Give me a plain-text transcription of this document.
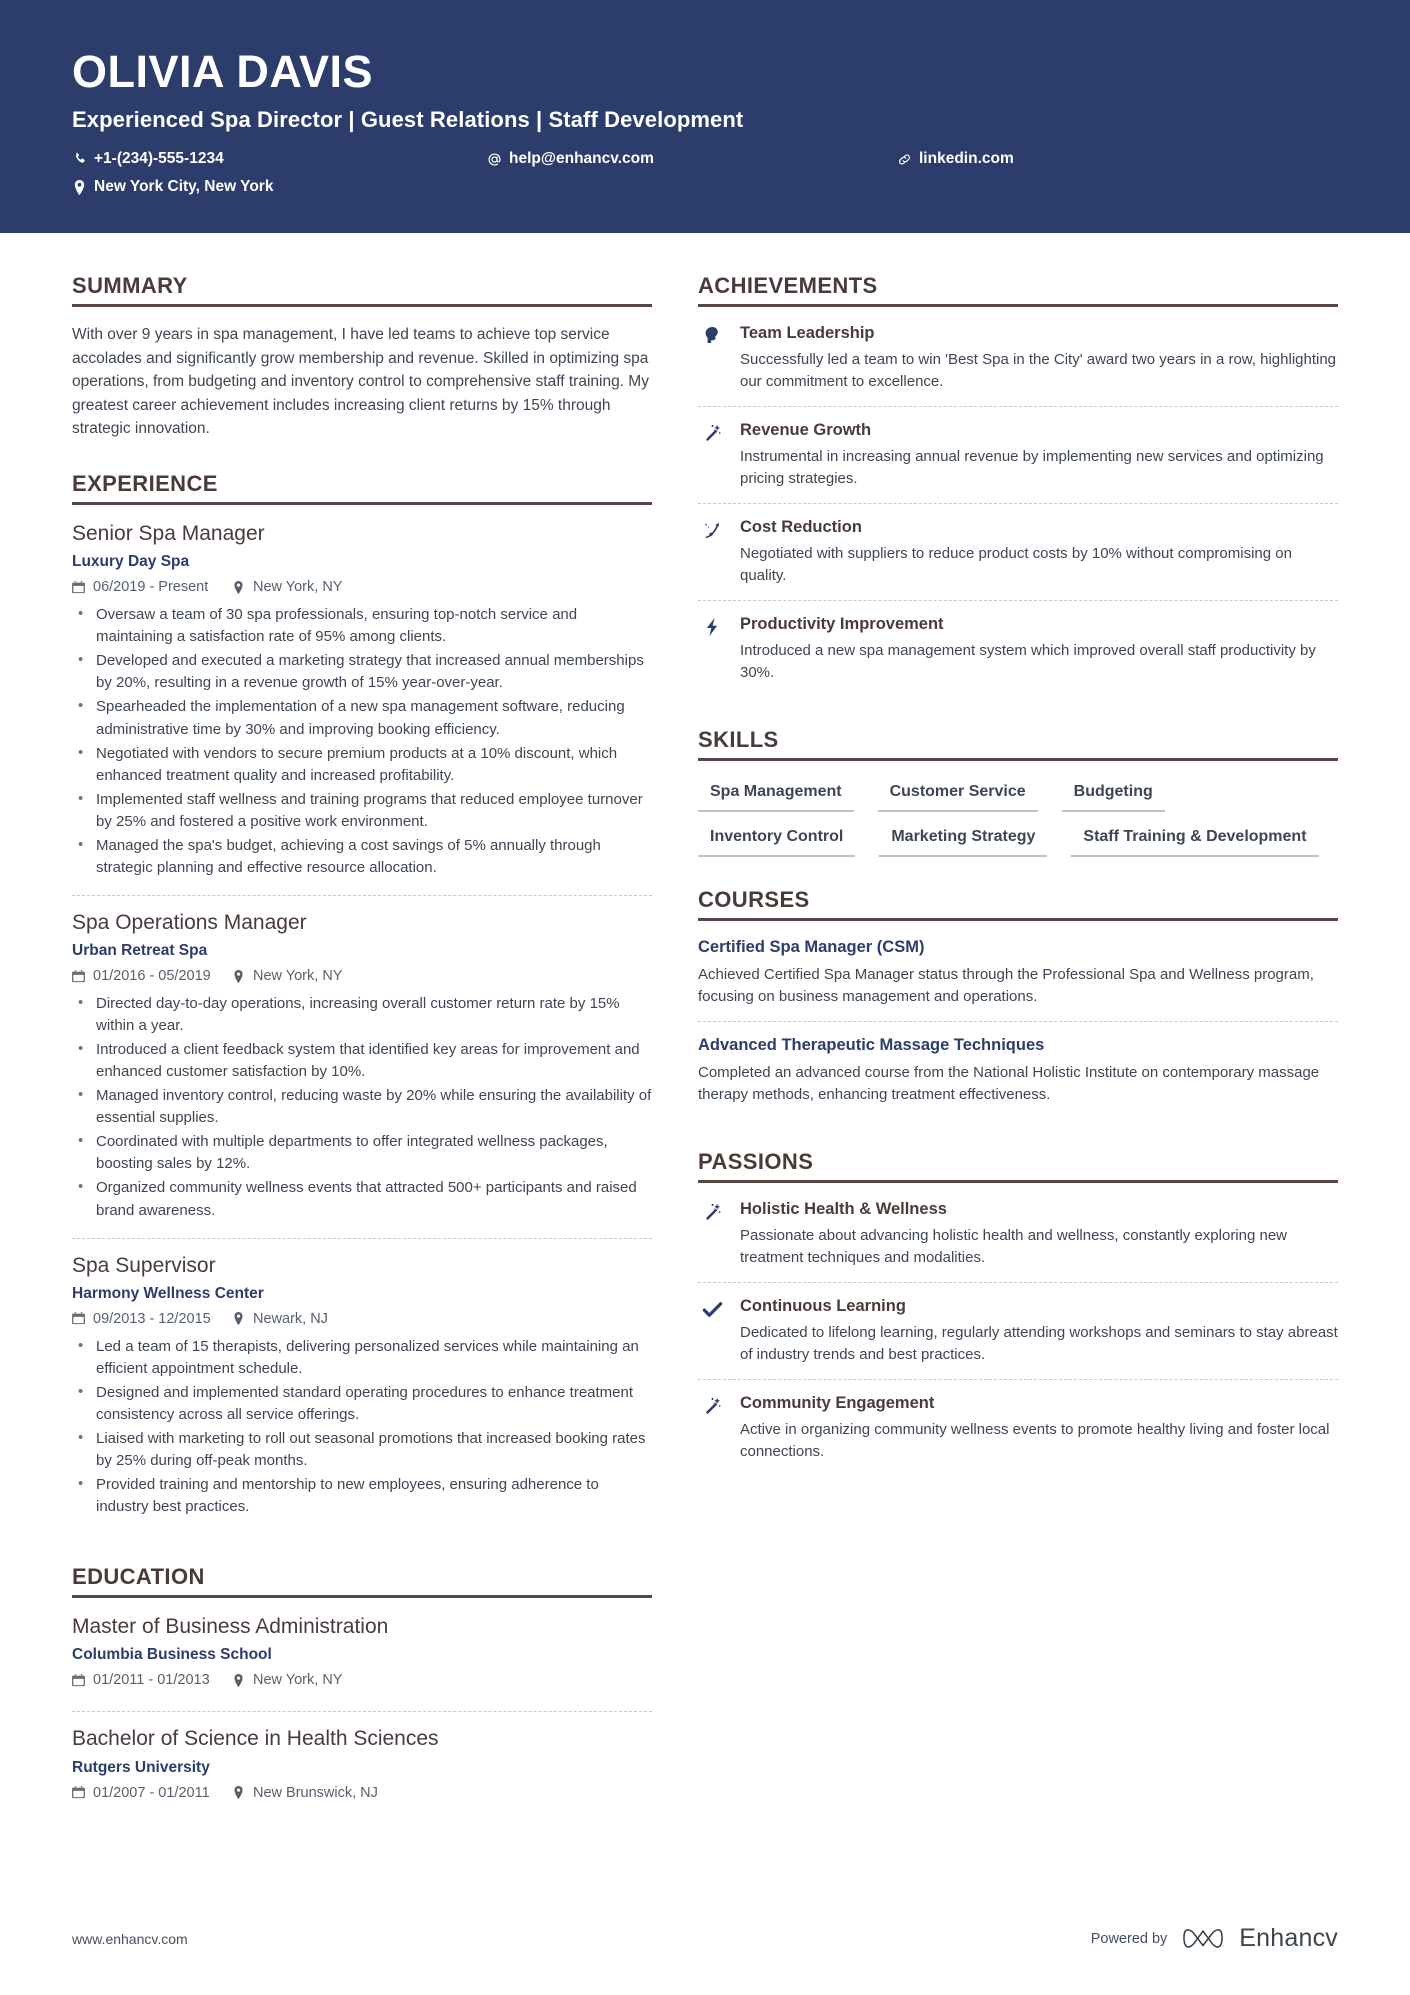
OLIVIA DAVIS
Experienced Spa Director | Guest Relations | Staff Development
+1-(234)-555-1234	help@enhancv.com	linkedin.com
New York City, New York
SUMMARY
With over 9 years in spa management, I have led teams to achieve top service accolades and significantly grow membership and revenue. Skilled in optimizing spa operations, from budgeting and inventory control to comprehensive staff training. My greatest career achievement includes increasing client returns by 15% through strategic innovation.
EXPERIENCE
Senior Spa Manager
Luxury Day Spa
06/2019 - Present	New York, NY
• Oversaw a team of 30 spa professionals, ensuring top-notch service and maintaining a satisfaction rate of 95% among clients.
• Developed and executed a marketing strategy that increased annual memberships by 20%, resulting in a revenue growth of 15% year-over-year.
• Spearheaded the implementation of a new spa management software, reducing administrative time by 30% and improving booking efficiency.
• Negotiated with vendors to secure premium products at a 10% discount, which enhanced treatment quality and increased profitability.
• Implemented staff wellness and training programs that reduced employee turnover by 25% and fostered a positive work environment.
• Managed the spa's budget, achieving a cost savings of 5% annually through strategic planning and effective resource allocation.
Spa Operations Manager
Urban Retreat Spa
01/2016 - 05/2019	New York, NY
• Directed day-to-day operations, increasing overall customer return rate by 15% within a year.
• Introduced a client feedback system that identified key areas for improvement and enhanced customer satisfaction by 10%.
• Managed inventory control, reducing waste by 20% while ensuring the availability of essential supplies.
• Coordinated with multiple departments to offer integrated wellness packages, boosting sales by 12%.
• Organized community wellness events that attracted 500+ participants and raised brand awareness.
Spa Supervisor
Harmony Wellness Center
09/2013 - 12/2015	Newark, NJ
• Led a team of 15 therapists, delivering personalized services while maintaining an efficient appointment schedule.
• Designed and implemented standard operating procedures to enhance treatment consistency across all service offerings.
• Liaised with marketing to roll out seasonal promotions that increased booking rates by 25% during off-peak months.
• Provided training and mentorship to new employees, ensuring adherence to industry best practices.
EDUCATION
Master of Business Administration
Columbia Business School
01/2011 - 01/2013	New York, NY
Bachelor of Science in Health Sciences
Rutgers University
01/2007 - 01/2011	New Brunswick, NJ
ACHIEVEMENTS
Team Leadership
Successfully led a team to win 'Best Spa in the City' award two years in a row, highlighting our commitment to excellence.
Revenue Growth
Instrumental in increasing annual revenue by implementing new services and optimizing pricing strategies.
Cost Reduction
Negotiated with suppliers to reduce product costs by 10% without compromising on quality.
Productivity Improvement
Introduced a new spa management system which improved overall staff productivity by 30%.
SKILLS
Spa Management	Customer Service	Budgeting
Inventory Control	Marketing Strategy	Staff Training & Development
COURSES
Certified Spa Manager (CSM)
Achieved Certified Spa Manager status through the Professional Spa and Wellness program, focusing on business management and operations.
Advanced Therapeutic Massage Techniques
Completed an advanced course from the National Holistic Institute on contemporary massage therapy methods, enhancing treatment effectiveness.
PASSIONS
Holistic Health & Wellness
Passionate about advancing holistic health and wellness, constantly exploring new treatment techniques and modalities.
Continuous Learning
Dedicated to lifelong learning, regularly attending workshops and seminars to stay abreast of industry trends and best practices.
Community Engagement
Active in organizing community wellness events to promote healthy living and foster local connections.
www.enhancv.com	Powered by	Enhancv
